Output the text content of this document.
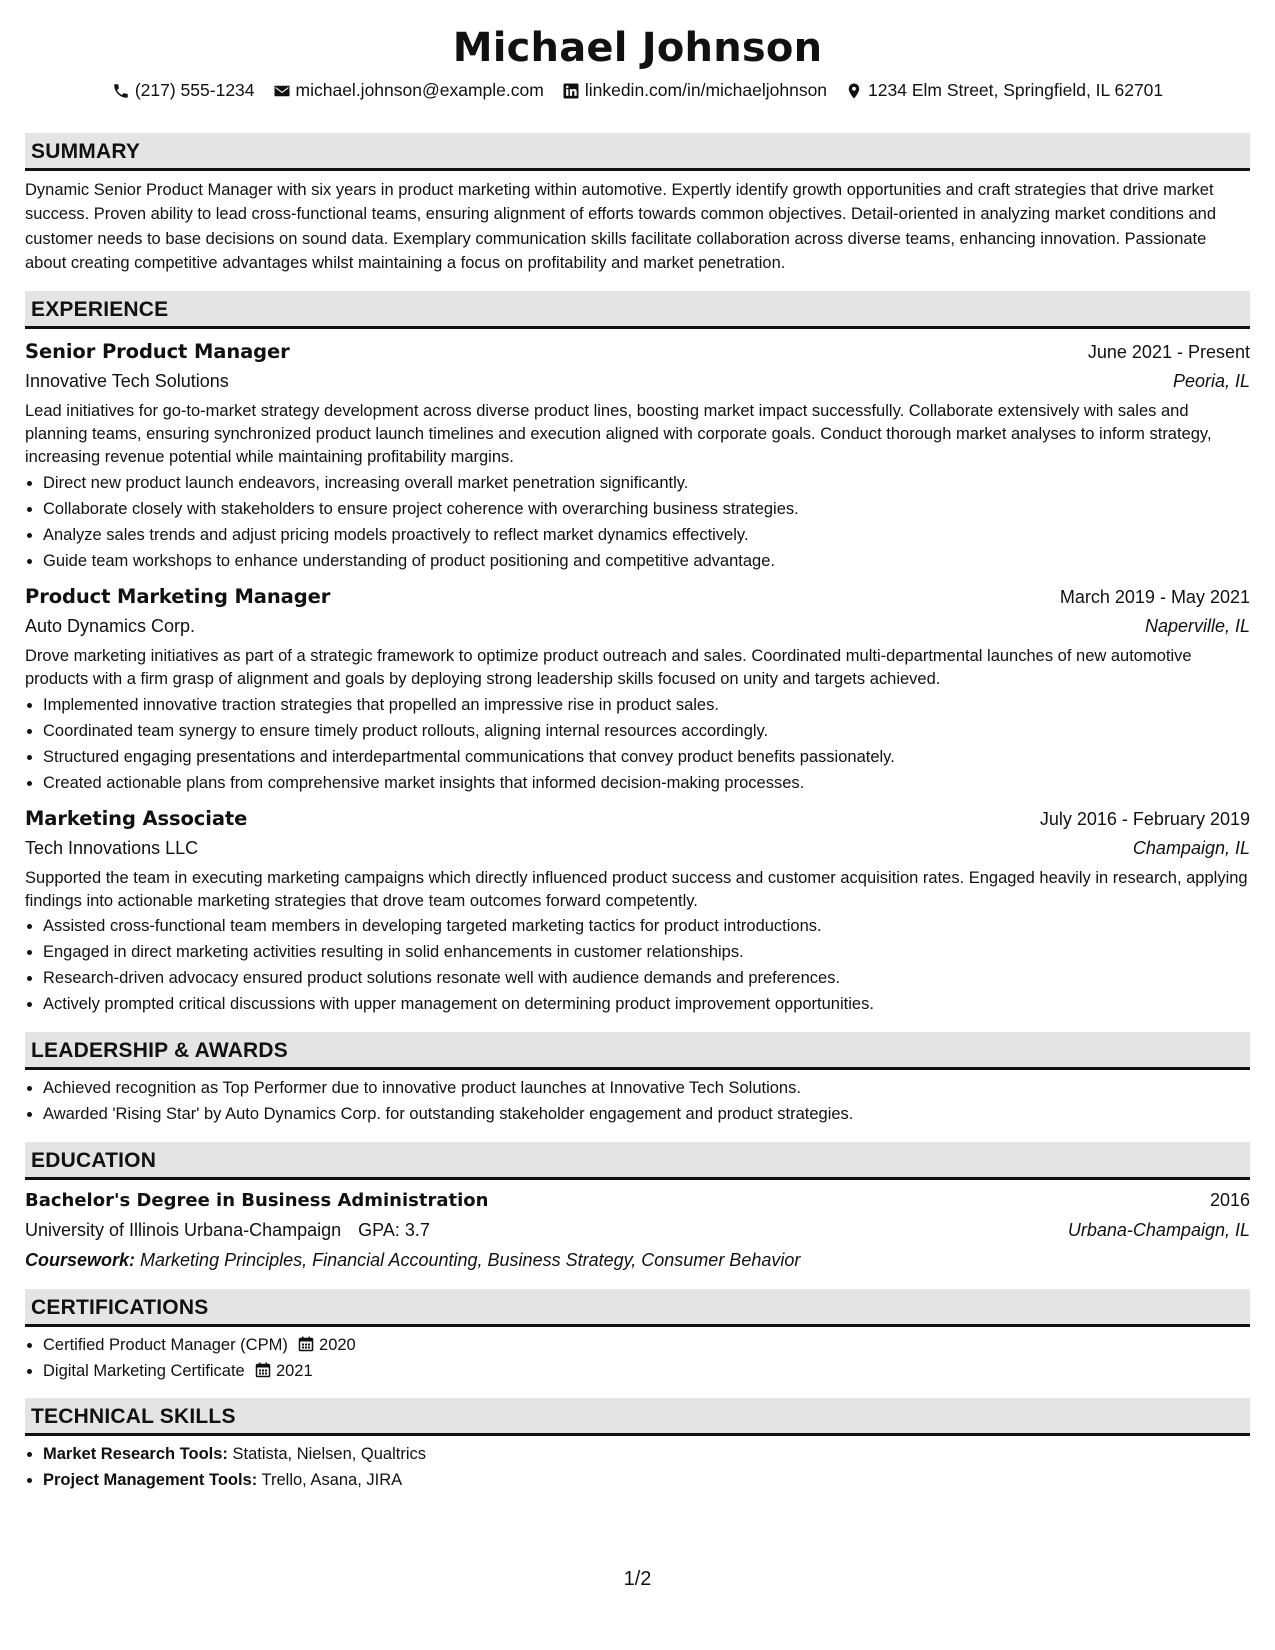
Michael Johnson
(217) 555-1234 michael.johnson@example.com linkedin.com/in/michaeljohnson 1234 Elm Street, Springfield, IL 62701
SUMMARY
Dynamic Senior Product Manager with six years in product marketing within automotive. Expertly identify growth opportunities and craft strategies that drive market success. Proven ability to lead cross-functional teams, ensuring alignment of efforts towards common objectives. Detail-oriented in analyzing market conditions and customer needs to base decisions on sound data. Exemplary communication skills facilitate collaboration across diverse teams, enhancing innovation. Passionate about creating competitive advantages whilst maintaining a focus on profitability and market penetration.
EXPERIENCE
Senior Product Manager	June 2021 - Present
Innovative Tech Solutions	Peoria, IL
Lead initiatives for go-to-market strategy development across diverse product lines, boosting market impact successfully. Collaborate extensively with sales and planning teams, ensuring synchronized product launch timelines and execution aligned with corporate goals. Conduct thorough market analyses to inform strategy, increasing revenue potential while maintaining profitability margins.
• Direct new product launch endeavors, increasing overall market penetration significantly.
• Collaborate closely with stakeholders to ensure project coherence with overarching business strategies.
• Analyze sales trends and adjust pricing models proactively to reflect market dynamics effectively.
• Guide team workshops to enhance understanding of product positioning and competitive advantage.
Product Marketing Manager	March 2019 - May 2021
Auto Dynamics Corp.	Naperville, IL
Drove marketing initiatives as part of a strategic framework to optimize product outreach and sales. Coordinated multi-departmental launches of new automotive products with a firm grasp of alignment and goals by deploying strong leadership skills focused on unity and targets achieved.
• Implemented innovative traction strategies that propelled an impressive rise in product sales.
• Coordinated team synergy to ensure timely product rollouts, aligning internal resources accordingly.
• Structured engaging presentations and interdepartmental communications that convey product benefits passionately.
• Created actionable plans from comprehensive market insights that informed decision-making processes.
Marketing Associate	July 2016 - February 2019
Tech Innovations LLC	Champaign, IL
Supported the team in executing marketing campaigns which directly influenced product success and customer acquisition rates. Engaged heavily in research, applying findings into actionable marketing strategies that drove team outcomes forward competently.
• Assisted cross-functional team members in developing targeted marketing tactics for product introductions.
• Engaged in direct marketing activities resulting in solid enhancements in customer relationships.
• Research-driven advocacy ensured product solutions resonate well with audience demands and preferences.
• Actively prompted critical discussions with upper management on determining product improvement opportunities.
LEADERSHIP & AWARDS
• Achieved recognition as Top Performer due to innovative product launches at Innovative Tech Solutions.
• Awarded 'Rising Star' by Auto Dynamics Corp. for outstanding stakeholder engagement and product strategies.
EDUCATION
Bachelor's Degree in Business Administration	2016
University of Illinois Urbana-Champaign GPA: 3.7	Urbana-Champaign, IL
Coursework: Marketing Principles, Financial Accounting, Business Strategy, Consumer Behavior
CERTIFICATIONS
• Certified Product Manager (CPM) 2020
• Digital Marketing Certificate 2021
TECHNICAL SKILLS
• Market Research Tools: Statista, Nielsen, Qualtrics
• Project Management Tools: Trello, Asana, JIRA
1/2
